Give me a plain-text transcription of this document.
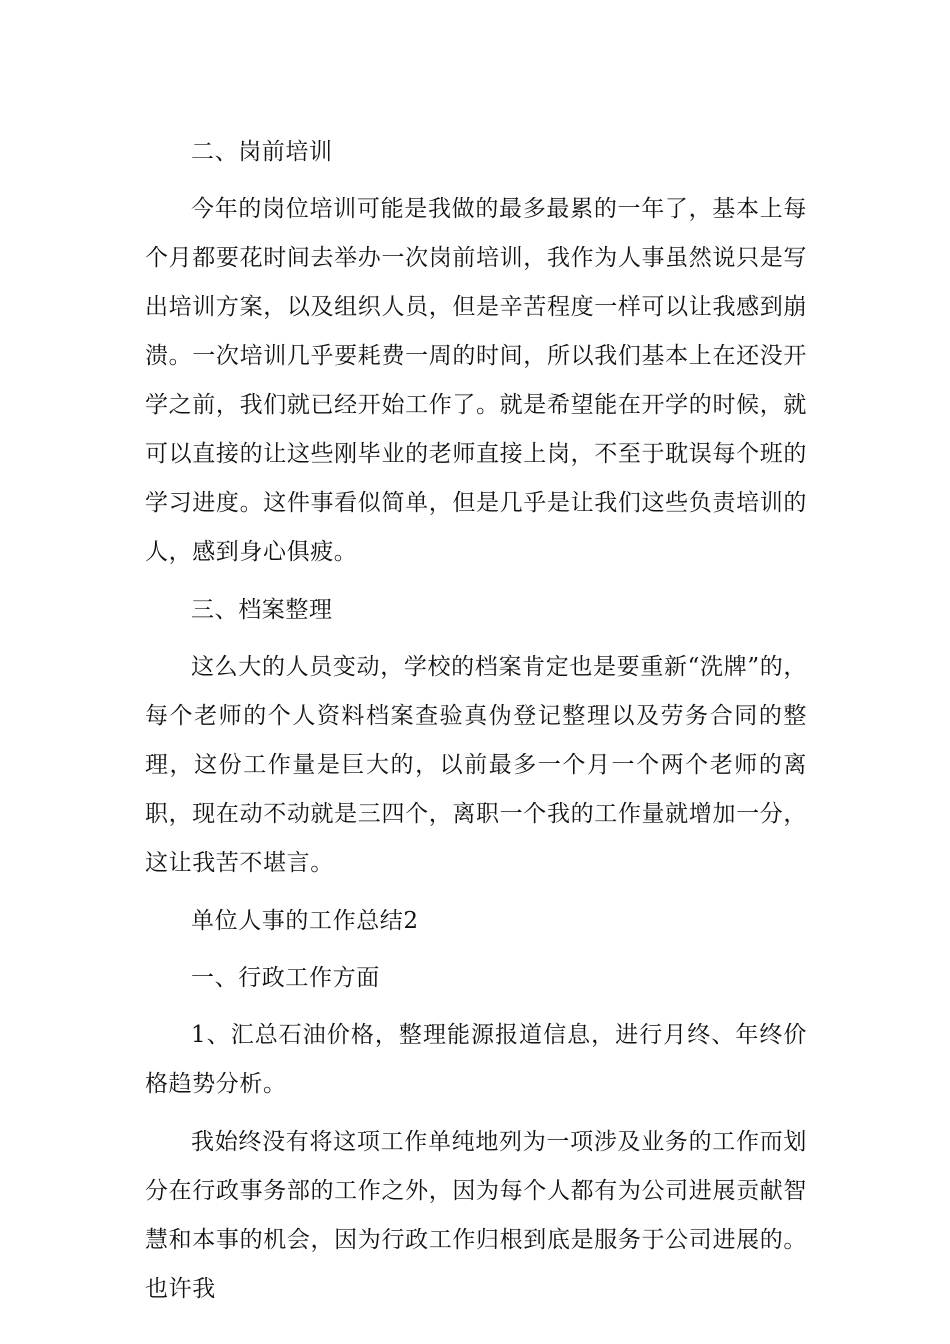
二、岗前培训

今年的岗位培训可能是我做的最多最累的一年了，基本上每个月都要花时间去举办一次岗前培训，我作为人事虽然说只是写出培训方案，以及组织人员，但是辛苦程度一样可以让我感到崩溃。一次培训几乎要耗费一周的时间，所以我们基本上在还没开学之前，我们就已经开始工作了。就是希望能在开学的时候，就可以直接的让这些刚毕业的老师直接上岗，不至于耽误每个班的学习进度。这件事看似简单，但是几乎是让我们这些负责培训的人，感到身心俱疲。

三、档案整理

这么大的人员变动，学校的档案肯定也是要重新“洗牌”的，每个老师的个人资料档案查验真伪登记整理以及劳务合同的整理，这份工作量是巨大的，以前最多一个月一个两个老师的离职，现在动不动就是三四个，离职一个我的工作量就增加一分，这让我苦不堪言。

单位人事的工作总结2

一、行政工作方面

1、汇总石油价格，整理能源报道信息，进行月终、年终价格趋势分析。

我始终没有将这项工作单纯地列为一项涉及业务的工作而划分在行政事务部的工作之外，因为每个人都有为公司进展贡献智慧和本事的机会，因为行政工作归根到底是服务于公司进展的。也许我
